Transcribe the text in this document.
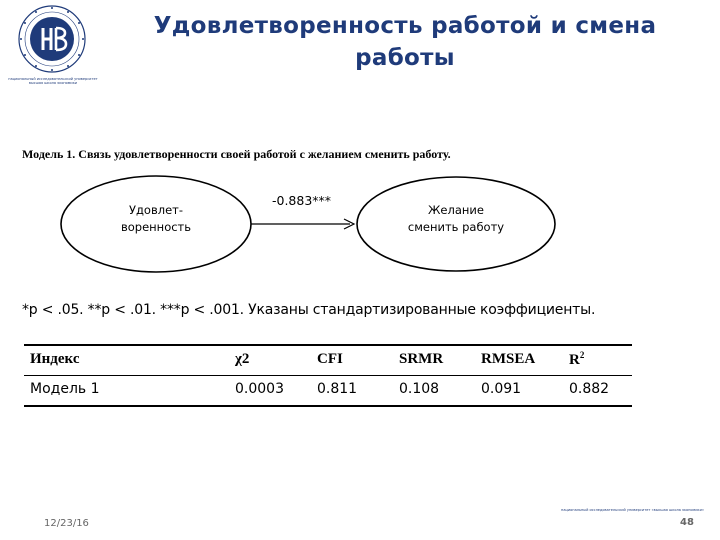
национальный исследовательский университет
высшая школа экономики
Удовлетворенность работой и смена работы
Модель 1. Связь удовлетворенности своей работой с желанием сменить работу.
Удовлет-
воренность
Желание
сменить работу
-0.883***
*p < .05. **p < .01. ***p < .001. Указаны стандартизированные коэффициенты.
Индекс	χ2	CFI	SRMR	RMSEA	$R^2$
Модель 1	0.0003	0.811	0.108	0.091	0.882
национальный исследовательский университет «высшая школа экономики»
12/23/16	48
